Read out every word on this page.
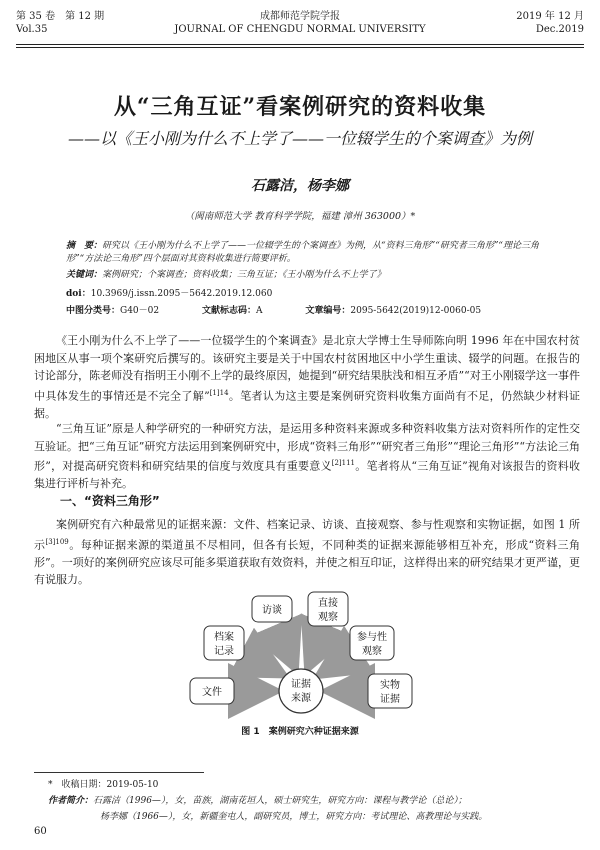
第 35 卷　第 12 期
Vol.35
成都师范学院学报
JOURNAL OF CHENGDU NORMAL UNIVERSITY
2019 年 12 月
Dec.2019
从“三角互证”看案例研究的资料收集
——以《王小刚为什么不上学了——一位辍学生的个案调查》为例
石露洁，杨李娜
（闽南师范大学 教育科学学院，福建 漳州 363000）*
摘　要：研究以《王小刚为什么不上学了——一位辍学生的个案调查》为例，从“资料三角形”“研究者三角形”“理论三角形”“方法论三角形”四个层面对其资料收集进行简要评析。
关键词：案例研究；个案调查；资料收集；三角互证；《王小刚为什么不上学了》
doi：10.3969/j.issn.2095－5642.2019.12.060
中图分类号：G40－02	文献标志码：A	文章编号：2095-5642(2019)12-0060-05
《王小刚为什么不上学了——一位辍学生的个案调查》是北京大学博士生导师陈向明 1996 年在中国农村贫困地区从事一项个案研究后撰写的。该研究主要是关于中国农村贫困地区中小学生重读、辍学的问题。在报告的讨论部分，陈老师没有指明王小刚不上学的最终原因，她提到“研究结果肤浅和相互矛盾”“对王小刚辍学这一事件中具体发生的事情还是不完全了解”$^{[1]14}$。笔者认为这主要是案例研究资料收集方面尚有不足，仍然缺少材料证据。
“三角互证”原是人种学研究的一种研究方法，是运用多种资料来源或多种资料收集方法对资料所作的定性交互验证。把“三角互证”研究方法运用到案例研究中，形成“资料三角形”“研究者三角形”“理论三角形”“方法论三角形”，对提高研究资料和研究结果的信度与效度具有重要意义$^{[2]111}$。笔者将从“三角互证”视角对该报告的资料收集进行评析与补充。
一、“资料三角形”
案例研究有六种最常见的证据来源：文件、档案记录、访谈、直接观察、参与性观察和实物证据，如图 1 所示$^{[3]109}$。每种证据来源的渠道虽不尽相同，但各有长短，不同种类的证据来源能够相互补充，形成“资料三角形”。一项好的案例研究应该尽可能多渠道获取有效资料，并使之相互印证，这样得出来的研究结果才更严谨，更有说服力。
证据
来源
访谈
直接
观察
档案
记录
参与性
观察
文件
实物
证据
图 1　案例研究六种证据来源
*　收稿日期：2019-05-10
作者简介：石露洁（1996—），女，苗族，湖南花垣人，硕士研究生，研究方向：课程与教学论（总论）；
杨李娜（1966—），女，新疆奎屯人，副研究员，博士，研究方向：考试理论、高教理论与实践。
60
